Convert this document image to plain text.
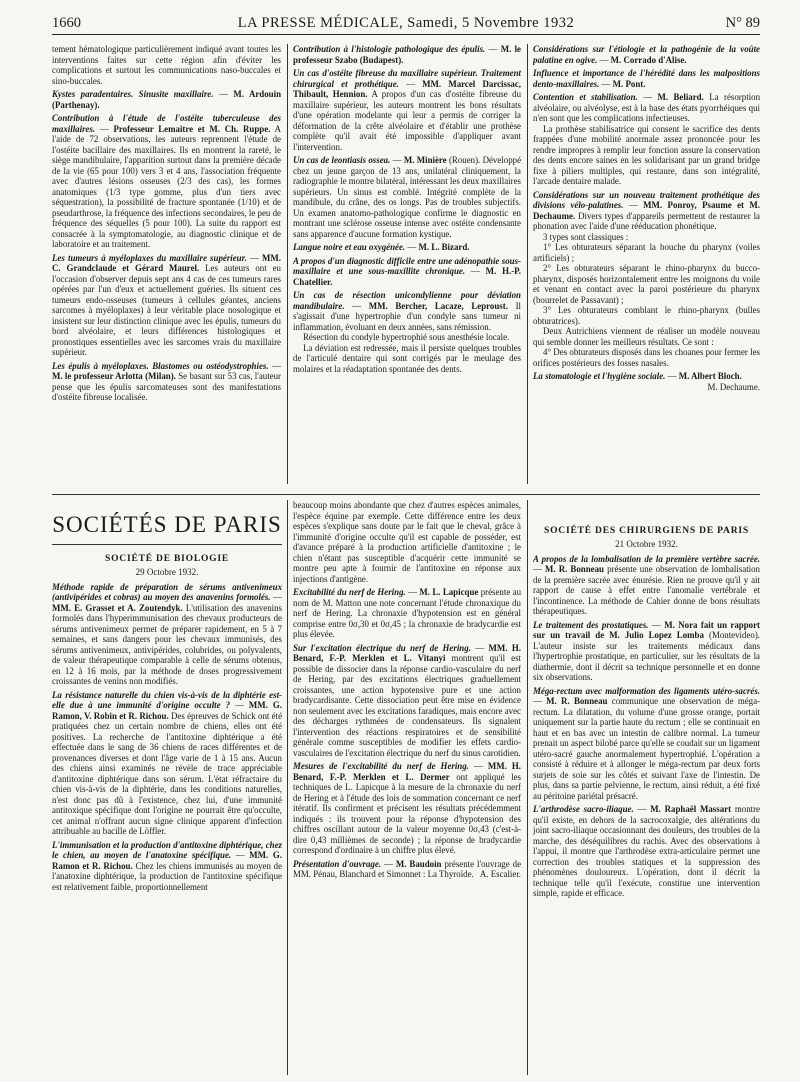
1660	LA PRESSE MÉDICALE, Samedi, 5 Novembre 1932	N° 89

tement hématologique particulièrement indiqué avant toutes les interventions faites sur cette région afin d'éviter les complications et surtout les communications naso-buccales et sino-buccales.

Kystes paradentaires. Sinusite maxillaire. — M. Ardouin (Parthenay).

Contribution à l'étude de l'ostéite tuberculeuse des maxillaires. — Professeur Lemaitre et M. Ch. Ruppe. A l'aide de 72 observations, les auteurs reprennent l'étude de l'ostéite bacillaire des maxillaires. Ils en montrent la rareté, le siège mandibulaire, l'apparition surtout dans la première décade de la vie (65 pour 100) vers 3 et 4 ans, l'association fréquente avec d'autres lésions osseuses (2/3 des cas), les formes anatomiques (1/3 type gomme, plus d'un tiers avec séquestration), la possibilité de fracture spontanée (1/10) et de pseudarthrose, la fréquence des infections secondaires, le peu de fréquence des séquelles (5 pour 100). La suite du rapport est consacrée à la symptomatologie, au diagnostic clinique et de laboratoire et au traitement.

Les tumeurs à myéloplaxes du maxillaire supérieur. — MM. C. Grandclaude et Gérard Maurel. Les auteurs ont eu l'occasion d'observer depuis sept ans 4 cas de ces tumeurs rares opérées par l'un d'eux et actuellement guéries. Ils situent ces tumeurs endo-osseuses (tumeurs à cellules géantes, anciens sarcomes à myéloplaxes) à leur véritable place nosologique et insistent sur leur distinction clinique avec les épulis, tumeurs du bord alvéolaire, et leurs différences histologiques et pronostiques essentielles avec les sarcomes vrais du maxillaire supérieur.

Les épulis à myéloplaxes. Blastomes ou ostéodystrophies. — M. le professeur Arlotta (Milan). Se basant sur 53 cas, l'auteur pense que les épulis sarcomateuses sont des manifestations d'ostéite fibreuse localisée.

Contribution à l'histologie pathologique des épulis. — M. le professeur Szabo (Budapest).

Un cas d'ostéite fibreuse du maxillaire supérieur. Traitement chirurgical et prothétique. — MM. Marcel Darcissac, Thibault, Hennion. A propos d'un cas d'ostéite fibreuse du maxillaire supérieur, les auteurs montrent les bons résultats d'une opération modelante qui leur a permis de corriger la déformation de la crête alvéolaire et d'établir une prothèse complète qu'il avait été impossible d'appliquer avant l'intervention.

Un cas de leontiasis ossea. — M. Minière (Rouen). Développé chez un jeune garçon de 13 ans, unilatéral cliniquement, la radiographie le montre bilatéral, intéressant les deux maxillaires supérieurs. Un sinus est comblé. Intégrité complète de la mandibule, du crâne, des os longs. Pas de troubles subjectifs. Un examen anatomo-pathologique confirme le diagnostic en montrant une sclérose osseuse intense avec ostéite condensante sans apparence d'aucune formation kystique.

Langue noire et eau oxygénée. — M. L. Bizard.

A propos d'un diagnostic difficile entre une adénopathie sous-maxillaire et une sous-maxillite chronique. — M. H.-P. Chatellier.

Un cas de résection unicondylienne pour déviation mandibulaire. — MM. Bercher, Lacaze, Leproust. Il s'agissait d'une hypertrophie d'un condyle sans tumeur ni inflammation, évoluant en deux années, sans rémission.

Résection du condyle hypertrophié sous anesthésie locale.

La déviation est redressée, mais il persiste quelques troubles de l'articulé dentaire qui sont corrigés par le meulage des molaires et la réadaptation spontanée des dents.

Considérations sur l'étiologie et la pathogénie de la voûte palatine en ogive. — M. Corrado d'Alise.

Influence et importance de l'hérédité dans les malpositions dento-maxillaires. — M. Pont.

Contention et stabilisation. — M. Beliard. La résorption alvéolaire, ou alvéolyse, est à la base des états pyorrhéiques qui n'en sont que les complications infectieuses.

La prothèse stabilisatrice qui consent le sacrifice des dents frappées d'une mobilité anormale assez prononcée pour les rendre impropres à remplir leur fonction assure la conservation des dents encore saines en les solidarisant par un grand bridge fixe à piliers multiples, qui restaure, dans son intégralité, l'arcade dentaire malade.

Considérations sur un nouveau traitement prothétique des divisions vélo-palatines. — MM. Ponroy, Psaume et M. Dechaume. Divers types d'appareils permettent de restaurer la phonation avec l'aide d'une rééducation phonétique.

3 types sont classiques :

1° Les obturateurs séparant la bouche du pharynx (voiles artificiels) ;

2° Les obturateurs séparant le rhino-pharynx du bucco-pharynx, disposés horizontalement entre les moignons du voile et venant en contact avec la paroi postérieure du pharynx (bourrelet de Passavant) ;

3° Les obturateurs comblant le rhino-pharynx (bulles obturatrices).

Deux Autrichiens viennent de réaliser un modèle nouveau qui semble donner les meilleurs résultats. Ce sont :

4° Des obturateurs disposés dans les choanes pour fermer les orifices postérieurs des fosses nasales.

La stomatologie et l'hygiène sociale. — M. Albert Bloch.
M. Dechaume.

SOCIÉTÉS DE PARIS
SOCIÉTÉ DE BIOLOGIE
29 Octobre 1932.

Méthode rapide de préparation de sérums antivenimeux (antivipérides et cobras) au moyen des anavenins formolés. — MM. E. Grasset et A. Zoutendyk. L'utilisation des anavenins formolés dans l'hyperimmunisation des chevaux producteurs de sérums antivenimeux permet de préparer rapidement, en 5 à 7 semaines, et sans dangers pour les chevaux immunisés, des sérums antivenimeux, antivipérides, colubrides, ou polyvalents, de valeur thérapeutique comparable à celle de sérums obtenus, en 12 à 16 mois, par la méthode de doses progressivement croissantes de venins non modifiés.

La résistance naturelle du chien vis-à-vis de la diphtérie est-elle due à une immunité d'origine occulte ? — MM. G. Ramon, V. Robin et R. Richou. Des épreuves de Schick ont été pratiquées chez un certain nombre de chiens, elles ont été positives. La recherche de l'antitoxine diphtérique a été effectuée dans le sang de 36 chiens de races différentes et de provenances diverses et dont l'âge varie de 1 à 15 ans. Aucun des chiens ainsi examinés ne révèle de trace appréciable d'antitoxine diphtérique dans son sérum. L'état réfractaire du chien vis-à-vis de la diphtérie, dans les conditions naturelles, n'est donc pas dû à l'existence, chez lui, d'une immunité antitoxique spécifique dont l'origine ne pourrait être qu'occulte, cet animal n'offrant aucun signe clinique apparent d'infection attribuable au bacille de Löffler.

L'immunisation et la production d'antitoxine diphtérique, chez le chien, au moyen de l'anatoxine spécifique. — MM. G. Ramon et R. Richou. Chez les chiens immunisés au moyen de l'anatoxine diphtérique, la production de l'antitoxine spécifique est relativement faible, proportionnellement

beaucoup moins abondante que chez d'autres espèces animales, l'espèce équine par exemple. Cette différence entre les deux espèces s'explique sans doute par le fait que le cheval, grâce à l'immunité d'origine occulte qu'il est capable de posséder, est d'avance préparé à la production artificielle d'antitoxine ; le chien n'étant pas susceptible d'acquérir cette immunité se montre peu apte à fournir de l'antitoxine en réponse aux injections d'antigène.

Excitabilité du nerf de Hering. — M. L. Lapicque présente au nom de M. Matton une note concernant l'étude chronaxique du nerf de Hering. La chronaxie d'hypotension est en général comprise entre 0σ,30 et 0σ,45 ; la chronaxie de bradycardie est plus élevée.

Sur l'excitation électrique du nerf de Hering. — MM. H. Benard, F.-P. Merklen et L. Vitanyi montrent qu'il est possible de dissocier dans la réponse cardio-vasculaire du nerf de Hering, par des excitations électriques graduellement croissantes, une action hypotensive pure et une action bradycardisante. Cette dissociation peut être mise en évidence non seulement avec les excitations faradiques, mais encore avec des décharges rythmées de condensateurs. Ils signalent l'intervention des réactions respiratoires et de sensibilité générale comme susceptibles de modifier les effets cardio-vasculaires de l'excitation électrique du nerf du sinus carotidien.

Mesures de l'excitabilité du nerf de Hering. — MM. H. Benard, F.-P. Merklen et L. Dermer ont appliqué les techniques de L. Lapicque à la mesure de la chronaxie du nerf de Hering et à l'étude des lois de sommation concernant ce nerf itératif. Ils confirment et précisent les résultats précédemment indiqués : ils trouvent pour la réponse d'hypotension des chiffres oscillant autour de la valeur moyenne 0σ,43 (c'est-à-dire 0,43 millièmes de seconde) ; la réponse de bradycardie correspond d'ordinaire à un chiffre plus élevé.

Présentation d'ouvrage. — M. Baudoin présente l'ouvrage de MM. Pénau, Blanchard et Simonnet : La Thyroïde. A. Escalier.

SOCIÉTÉ DES CHIRURGIENS DE PARIS
21 Octobre 1932.

A propos de la lombalisation de la première vertèbre sacrée. — M. R. Bonneau présente une observation de lombalisation de la première sacrée avec énurésie. Rien ne prouve qu'il y ait rapport de cause à effet entre l'anomalie vertébrale et l'incontinence. La méthode de Cahier donne de bons résultats thérapeutiques.

Le traitement des prostatiques. — M. Nora fait un rapport sur un travail de M. Julio Lopez Lomba (Montevideo). L'auteur insiste sur les traitements médicaux dans l'hypertrophie prostatique, en particulier, sur les résultats de la diathermie, dont il décrit sa technique personnelle et en donne six observations.

Méga-rectum avec malformation des ligaments utéro-sacrés. — M. R. Bonneau communique une observation de méga-rectum. La dilatation, du volume d'une grosse orange, portait uniquement sur la partie haute du rectum ; elle se continuait en haut et en bas avec un intestin de calibre normal. La tumeur prenait un aspect bilobé parce qu'elle se coudait sur un ligament utéro-sacré gauche anormalement hypertrophié. L'opération a consisté à réduire et à allonger le méga-rectum par deux forts surjets de soie sur les côtés et suivant l'axe de l'intestin. De plus, dans sa partie pelvienne, le rectum, ainsi réduit, a été fixé au péritoine pariétal présacré.

L'arthrodèse sacro-iliaque. — M. Raphaël Massart montre qu'il existe, en dehors de la sacrocoxalgie, des altérations du joint sacro-iliaque occasionnant des douleurs, des troubles de la marche, des déséquilibres du rachis. Avec des observations à l'appui, il montre que l'arthrodèse extra-articulaire permet une correction des troubles statiques et la suppression des phénomènes douloureux. L'opération, dont il décrit la technique telle qu'il l'exécute, constitue une intervention simple, rapide et efficace.
